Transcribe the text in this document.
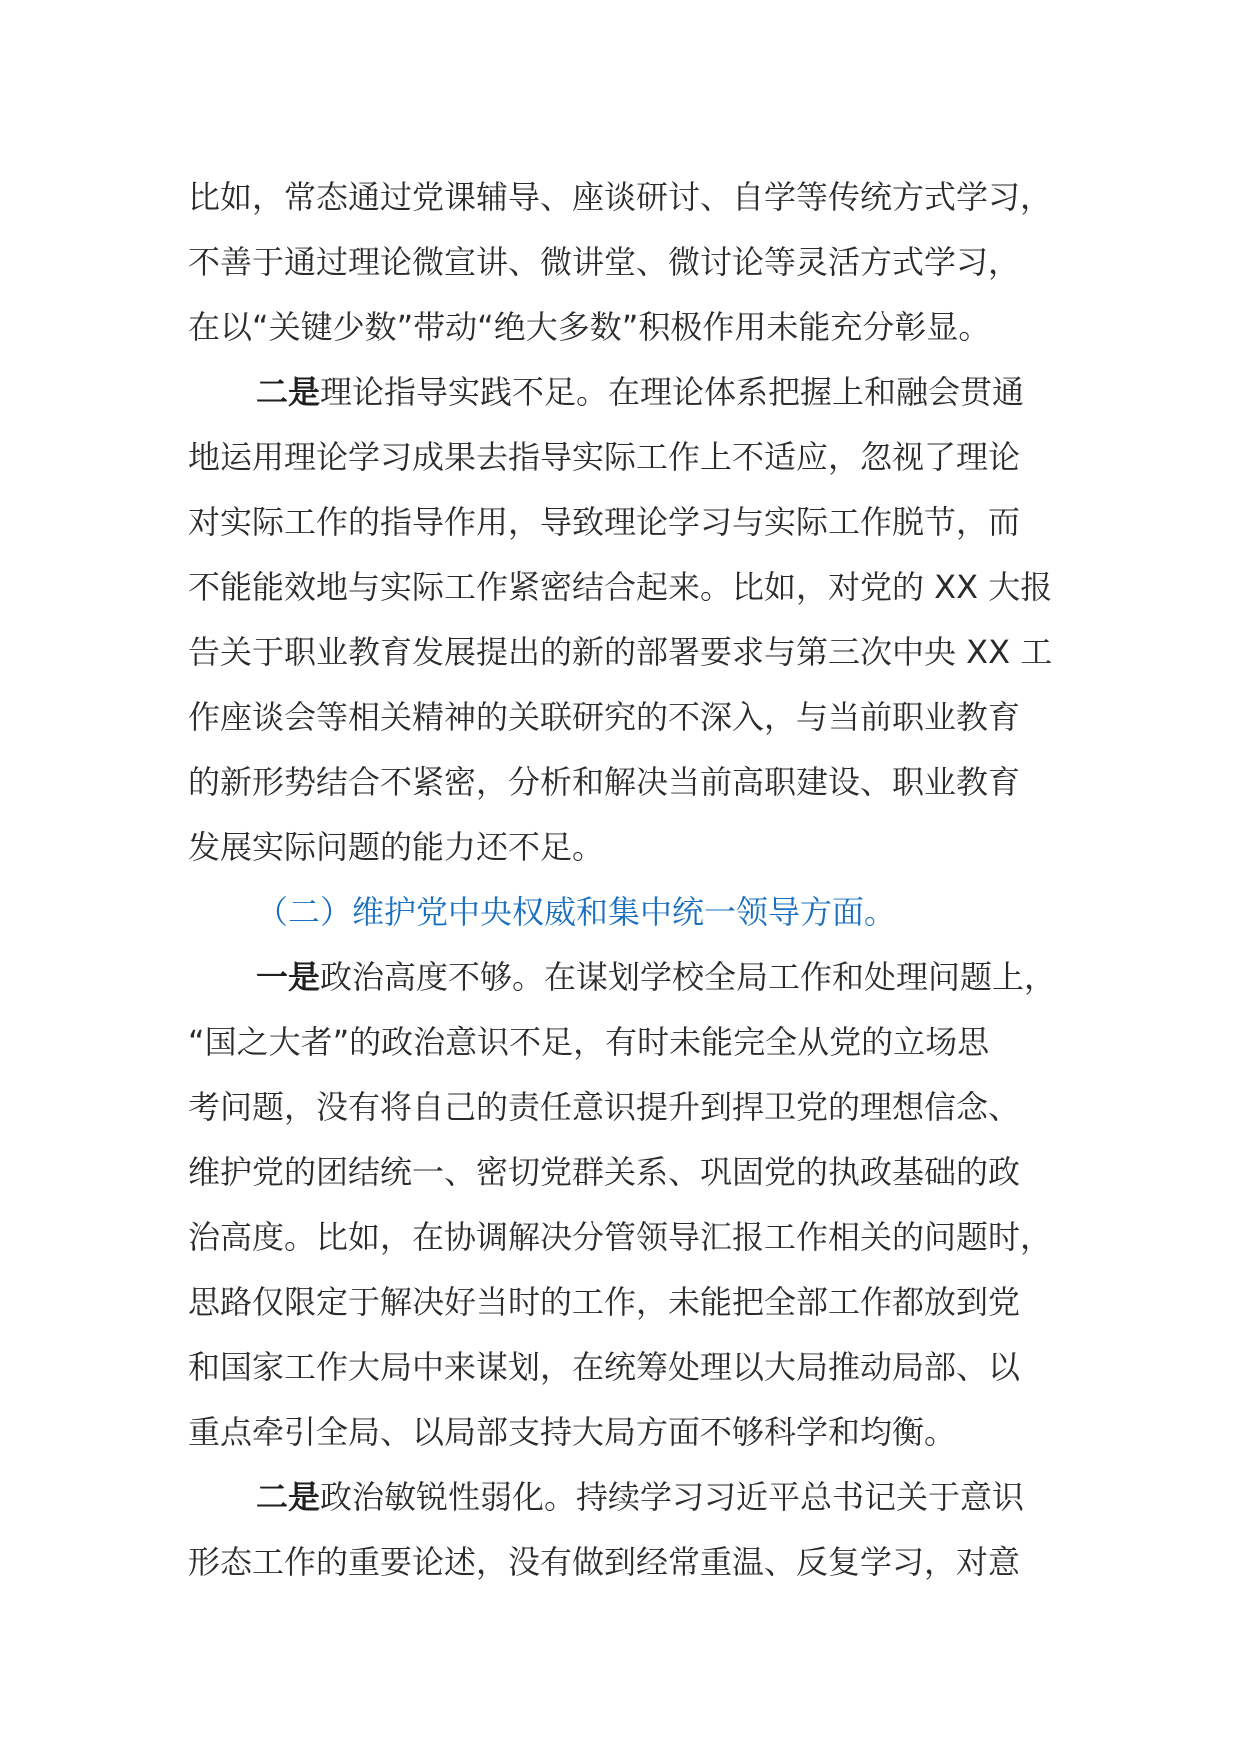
比如，常态通过党课辅导、座谈研讨、自学等传统方式学习，
不善于通过理论微宣讲、微讲堂、微讨论等灵活方式学习，
在以“关键少数”带动“绝大多数”积极作用未能充分彰显。
二是理论指导实践不足。在理论体系把握上和融会贯通
地运用理论学习成果去指导实际工作上不适应，忽视了理论
对实际工作的指导作用，导致理论学习与实际工作脱节，而
不能能效地与实际工作紧密结合起来。比如，对党的 XX 大报
告关于职业教育发展提出的新的部署要求与第三次中央 XX 工
作座谈会等相关精神的关联研究的不深入，与当前职业教育
的新形势结合不紧密，分析和解决当前高职建设、职业教育
发展实际问题的能力还不足。
（二）维护党中央权威和集中统一领导方面。
一是政治高度不够。在谋划学校全局工作和处理问题上，
“国之大者”的政治意识不足，有时未能完全从党的立场思
考问题，没有将自己的责任意识提升到捍卫党的理想信念、
维护党的团结统一、密切党群关系、巩固党的执政基础的政
治高度。比如，在协调解决分管领导汇报工作相关的问题时，
思路仅限定于解决好当时的工作，未能把全部工作都放到党
和国家工作大局中来谋划，在统筹处理以大局推动局部、以
重点牵引全局、以局部支持大局方面不够科学和均衡。
二是政治敏锐性弱化。持续学习习近平总书记关于意识
形态工作的重要论述，没有做到经常重温、反复学习，对意
